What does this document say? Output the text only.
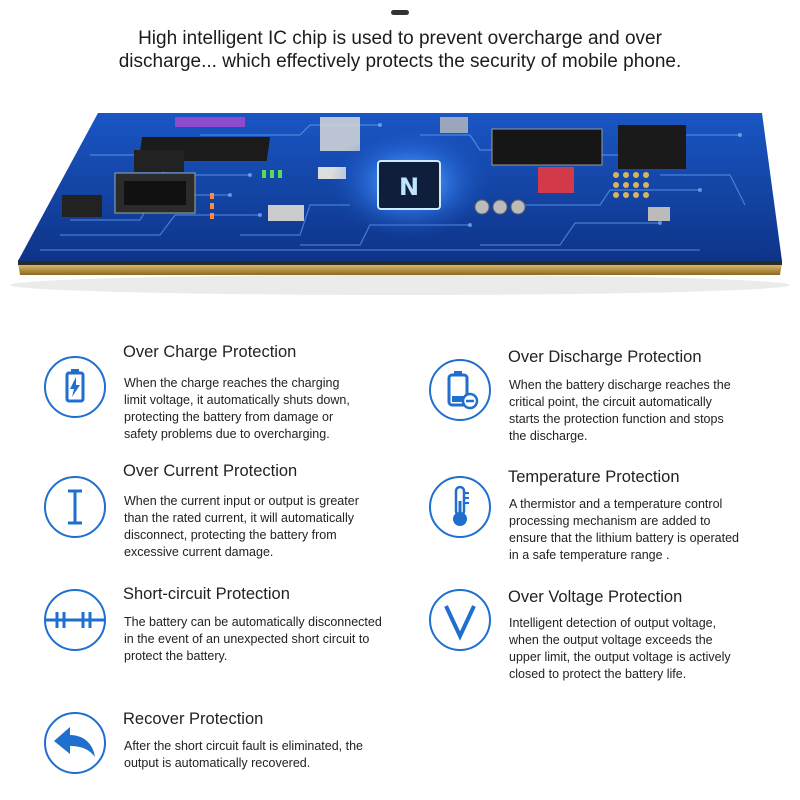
High intelligent IC chip is used to prevent overcharge and over
discharge... which effectively protects the security of mobile phone.
N
Over Charge Protection
When the charge reaches the charging
limit voltage, it automatically shuts down,
protecting the battery from damage or
safety problems due to overcharging.
Over Discharge Protection
When the battery discharge reaches the
critical point, the circuit automatically
starts the protection function and stops
the discharge.
Over Current Protection
When the current input or output is greater
than the rated current, it will automatically
disconnect, protecting the battery from
excessive current damage.
Temperature Protection
A thermistor and a temperature control
processing mechanism are added to
ensure that the lithium battery is operated
in a safe temperature range .
Short-circuit Protection
The battery can be automatically disconnected
in the event of an unexpected short circuit to
protect the battery.
Over Voltage Protection
Intelligent detection of output voltage,
when the output voltage exceeds the
upper limit, the output voltage is actively
closed to protect the battery life.
Recover Protection
After the short circuit fault is eliminated, the
output is automatically recovered.
